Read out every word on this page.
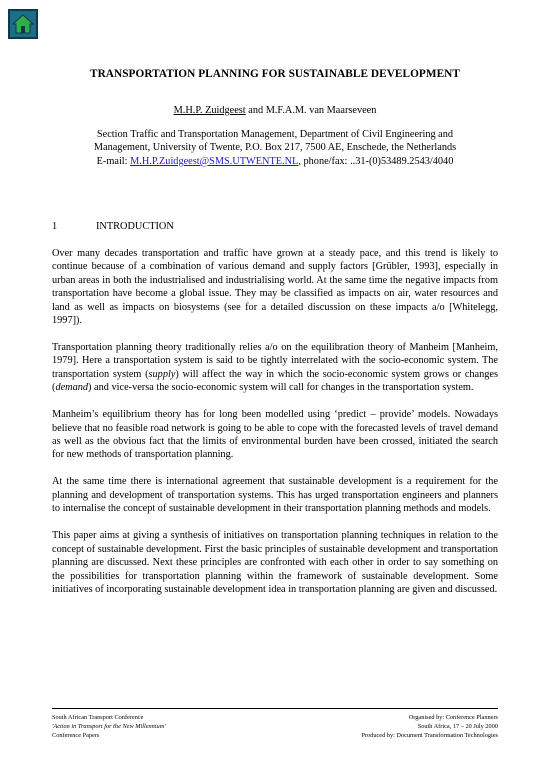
TRANSPORTATION PLANNING FOR SUSTAINABLE DEVELOPMENT

M.H.P. Zuidgeest and M.F.A.M. van Maarseveen

Section Traffic and Transportation Management, Department of Civil Engineering and
Management, University of Twente, P.O. Box 217, 7500 AE, Enschede, the Netherlands
E-mail: M.H.P.Zuidgeest@SMS.UTWENTE.NL, phone/fax: ..31-(0)53489.2543/4040

1	INTRODUCTION

Over many decades transportation and traffic have grown at a steady pace, and this trend is likely to continue because of a combination of various demand and supply factors [Grübler, 1993], especially in urban areas in both the industrialised and industrialising world. At the same time the negative impacts from transportation have become a global issue. They may be classified as impacts on air, water resources and land as well as impacts on biosystems (see for a detailed discussion on these impacts a/o [Whitelegg, 1997]).

Transportation planning theory traditionally relies a/o on the equilibration theory of Manheim [Manheim, 1979]. Here a transportation system is said to be tightly interrelated with the socio-economic system. The transportation system (supply) will affect the way in which the socio-economic system grows or changes (demand) and vice-versa the socio-economic system will call for changes in the transportation system.

Manheim’s equilibrium theory has for long been modelled using ‘predict – provide’ models. Nowadays believe that no feasible road network is going to be able to cope with the forecasted levels of travel demand as well as the obvious fact that the limits of environmental burden have been crossed, initiated the search for new methods of transportation planning.

At the same time there is international agreement that sustainable development is a requirement for the planning and development of transportation systems. This has urged transportation engineers and planners to internalise the concept of sustainable development in their transportation planning methods and models.

This paper aims at giving a synthesis of initiatives on transportation planning techniques in relation to the concept of sustainable development. First the basic principles of sustainable development and transportation planning are discussed. Next these principles are confronted with each other in order to say something on the possibilities for transportation planning within the framework of sustainable development. Some initiatives of incorporating sustainable development idea in transportation planning are given and discussed.

South African Transport Conference
'Action in Transport for the New Millennium'
Conference Papers
Organised by: Conference Planners
South Africa, 17 – 20 July 2000
Produced by: Document Transformation Technologies
